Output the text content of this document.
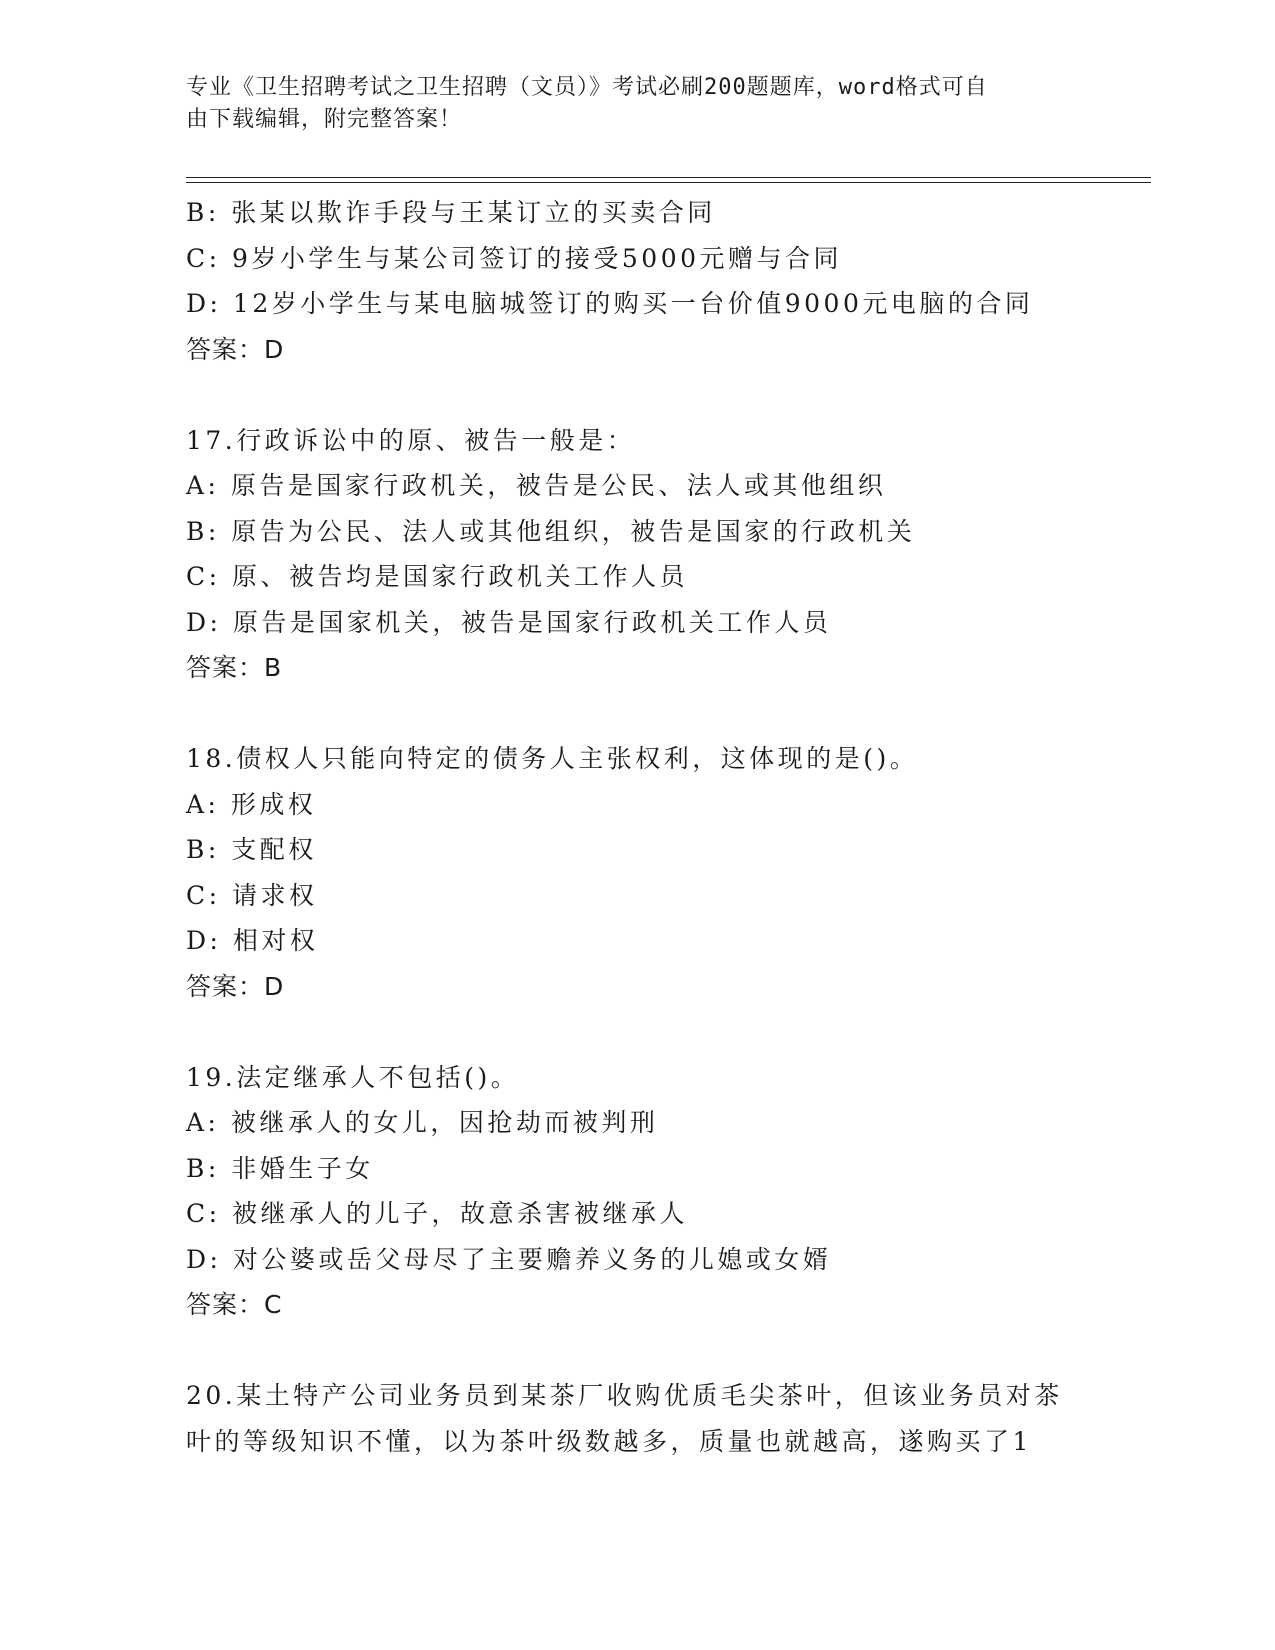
专业《卫生招聘考试之卫生招聘（文员）》考试必刷200题题库，word格式可自
由下载编辑，附完整答案！
B: 张某以欺诈手段与王某订立的买卖合同
C: 9岁小学生与某公司签订的接受5000元赠与合同
D: 12岁小学生与某电脑城签订的购买一台价值9000元电脑的合同
答案：D
17.行政诉讼中的原、被告一般是：
A: 原告是国家行政机关，被告是公民、法人或其他组织
B: 原告为公民、法人或其他组织，被告是国家的行政机关
C: 原、被告均是国家行政机关工作人员
D: 原告是国家机关，被告是国家行政机关工作人员
答案：B
18.债权人只能向特定的债务人主张权利，这体现的是()。
A: 形成权
B: 支配权
C: 请求权
D: 相对权
答案：D
19.法定继承人不包括()。
A: 被继承人的女儿，因抢劫而被判刑
B: 非婚生子女
C: 被继承人的儿子，故意杀害被继承人
D: 对公婆或岳父母尽了主要赡养义务的儿媳或女婿
答案：C
20.某土特产公司业务员到某茶厂收购优质毛尖茶叶，但该业务员对茶
叶的等级知识不懂，以为茶叶级数越多，质量也就越高，遂购买了1
